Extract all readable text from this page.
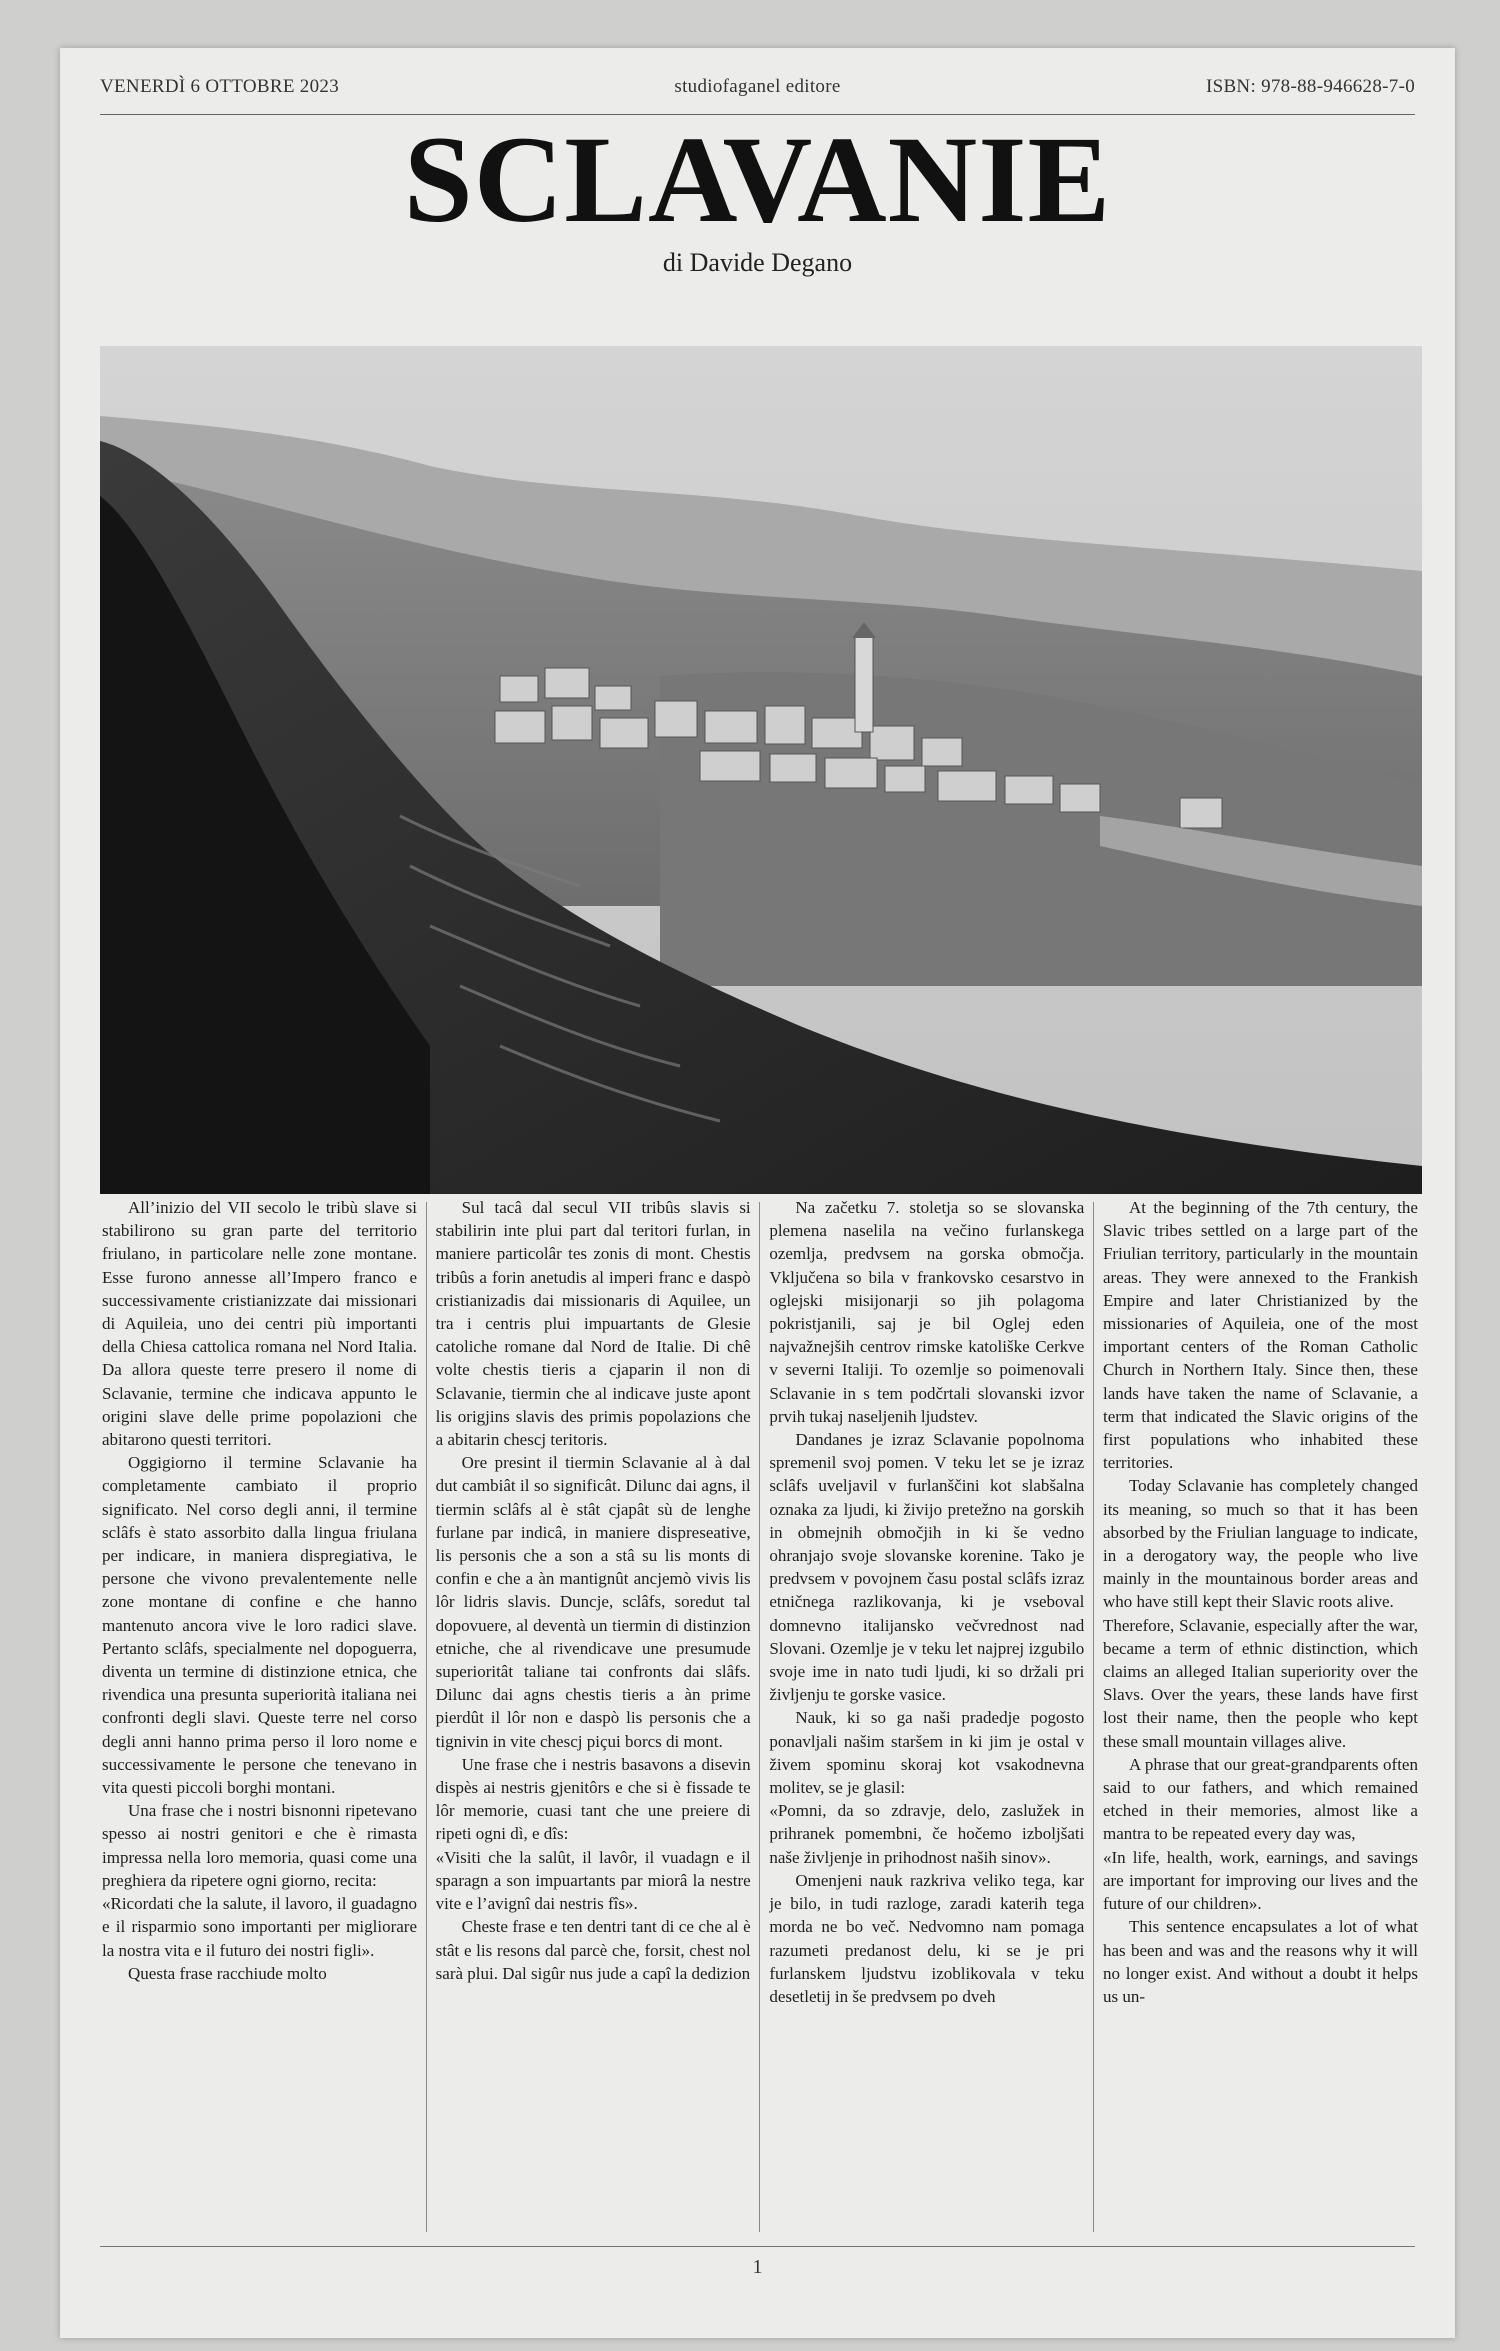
VENERDÌ 6 OTTOBRE 2023	studiofaganel editore	ISBN: 978-88-946628-7-0
SCLAVANIE
di Davide Degano

All’inizio del VII secolo le tribù slave si stabilirono su gran parte del territorio friulano, in particolare nelle zone montane. Esse furono annesse all’Impero franco e successivamente cristianizzate dai missionari di Aquileia, uno dei centri più importanti della Chiesa cattolica romana nel Nord Italia. Da allora queste terre presero il nome di Sclavanie, termine che indicava appunto le origini slave delle prime popolazioni che abitarono questi territori.

Oggigiorno il termine Sclavanie ha completamente cambiato il proprio significato. Nel corso degli anni, il termine sclâfs è stato assorbito dalla lingua friulana per indicare, in maniera dispregiativa, le persone che vivono prevalentemente nelle zone montane di confine e che hanno mantenuto ancora vive le loro radici slave. Pertanto sclâfs, specialmente nel dopoguerra, diventa un termine di distinzione etnica, che rivendica una presunta superiorità italiana nei confronti degli slavi. Queste terre nel corso degli anni hanno prima perso il loro nome e successivamente le persone che tenevano in vita questi piccoli borghi montani.

Una frase che i nostri bisnonni ripetevano spesso ai nostri genitori e che è rimasta impressa nella loro memoria, quasi come una preghiera da ripetere ogni giorno, recita:

«Ricordati che la salute, il lavoro, il guadagno e il risparmio sono importanti per migliorare la nostra vita e il futuro dei nostri figli».

Questa frase racchiude molto

Sul tacâ dal secul VII tribûs slavis si stabilirin inte plui part dal teritori furlan, in maniere particolâr tes zonis di mont. Chestis tribûs a forin anetudis al imperi franc e daspò cristianizadis dai missionaris di Aquilee, un tra i centris plui impuartants de Glesie catoliche romane dal Nord de Italie. Di chê volte chestis tieris a cjaparin il non di Sclavanie, tiermin che al indicave juste apont lis origjins slavis des primis popolazions che a abitarin chescj teritoris.

Ore presint il tiermin Sclavanie al à dal dut cambiât il so significât. Dilunc dai agns, il tiermin sclâfs al è stât cjapât sù de lenghe furlane par indicâ, in maniere dispreseative, lis personis che a son a stâ su lis monts di confin e che a àn mantignût ancjemò vivis lis lôr lidris slavis. Duncje, sclâfs, soredut tal dopovuere, al deventà un tiermin di distinzion etniche, che al rivendicave une presumude superioritât taliane tai confronts dai slâfs. Dilunc dai agns chestis tieris a àn prime pierdût il lôr non e daspò lis personis che a tignivin in vite chescj piçui borcs di mont.

Une frase che i nestris basavons a disevin dispès ai nestris gjenitôrs e che si è fissade te lôr memorie, cuasi tant che une preiere di ripeti ogni dì, e dîs:

«Visiti che la salût, il lavôr, il vuadagn e il sparagn a son impuartants par miorâ la nestre vite e l’avignî dai nestris fîs».

Cheste frase e ten dentri tant di ce che al è stât e lis resons dal parcè che, forsit, chest nol sarà plui. Dal sigûr nus jude a capî la dedizion

Na začetku 7. stoletja so se slovanska plemena naselila na večino furlanskega ozemlja, predvsem na gorska območja. Vključena so bila v frankovsko cesarstvo in oglejski misijonarji so jih polagoma pokristjanili, saj je bil Oglej eden najvažnejših centrov rimske katoliške Cerkve v severni Italiji. To ozemlje so poimenovali Sclavanie in s tem podčrtali slovanski izvor prvih tukaj naseljenih ljudstev.

Dandanes je izraz Sclavanie popolnoma spremenil svoj pomen. V teku let se je izraz sclâfs uveljavil v furlanščini kot slabšalna oznaka za ljudi, ki živijo pretežno na gorskih in obmejnih območjih in ki še vedno ohranjajo svoje slovanske korenine. Tako je predvsem v povojnem času postal sclâfs izraz etničnega razlikovanja, ki je vseboval domnevno italijansko večvrednost nad Slovani. Ozemlje je v teku let najprej izgubilo svoje ime in nato tudi ljudi, ki so držali pri življenju te gorske vasice.

Nauk, ki so ga naši pradedje pogosto ponavljali našim staršem in ki jim je ostal v živem spominu skoraj kot vsakodnevna molitev, se je glasil:

«Pomni, da so zdravje, delo, zaslužek in prihranek pomembni, če hočemo izboljšati naše življenje in prihodnost naših sinov».

Omenjeni nauk razkriva veliko tega, kar je bilo, in tudi razloge, zaradi katerih tega morda ne bo več. Nedvomno nam pomaga razumeti predanost delu, ki se je pri furlanskem ljudstvu izoblikovala v teku desetletij in še predvsem po dveh

At the beginning of the 7th century, the Slavic tribes settled on a large part of the Friulian territory, particularly in the mountain areas. They were annexed to the Frankish Empire and later Christianized by the missionaries of Aquileia, one of the most important centers of the Roman Catholic Church in Northern Italy. Since then, these lands have taken the name of Sclavanie, a term that indicated the Slavic origins of the first populations who inhabited these territories.

Today Sclavanie has completely changed its meaning, so much so that it has been absorbed by the Friulian language to indicate, in a derogatory way, the people who live mainly in the mountainous border areas and who have still kept their Slavic roots alive.

Therefore, Sclavanie, especially after the war, became a term of ethnic distinction, which claims an alleged Italian superiority over the Slavs. Over the years, these lands have first lost their name, then the people who kept these small mountain villages alive.

A phrase that our great-grandparents often said to our fathers, and which remained etched in their memories, almost like a mantra to be repeated every day was,

«In life, health, work, earnings, and savings are important for improving our lives and the future of our children».

This sentence encapsulates a lot of what has been and was and the reasons why it will no longer exist. And without a doubt it helps us un-

1
